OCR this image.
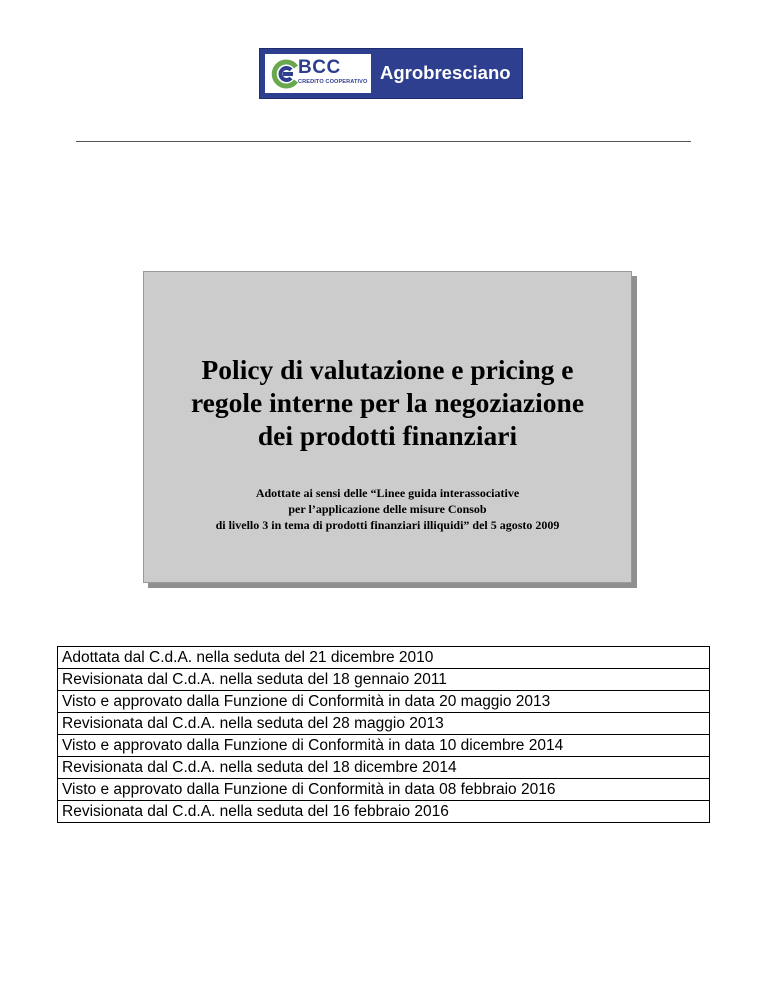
BCC
CREDITO COOPERATIVO Agrobresciano
Policy di valutazione e pricing e
regole interne per la negoziazione
dei prodotti finanziari
Adottate ai sensi delle “Linee guida interassociative
per l’applicazione delle misure Consob
di livello 3 in tema di prodotti finanziari illiquidi” del 5 agosto 2009
Adottata dal C.d.A. nella seduta del 21 dicembre 2010
Revisionata dal C.d.A. nella seduta del 18 gennaio 2011
Visto e approvato dalla Funzione di Conformità in data 20 maggio 2013
Revisionata dal C.d.A. nella seduta del 28 maggio 2013
Visto e approvato dalla Funzione di Conformità in data 10 dicembre 2014
Revisionata dal C.d.A. nella seduta del 18 dicembre 2014
Visto e approvato dalla Funzione di Conformità in data 08 febbraio 2016
Revisionata dal C.d.A. nella seduta del 16 febbraio 2016
